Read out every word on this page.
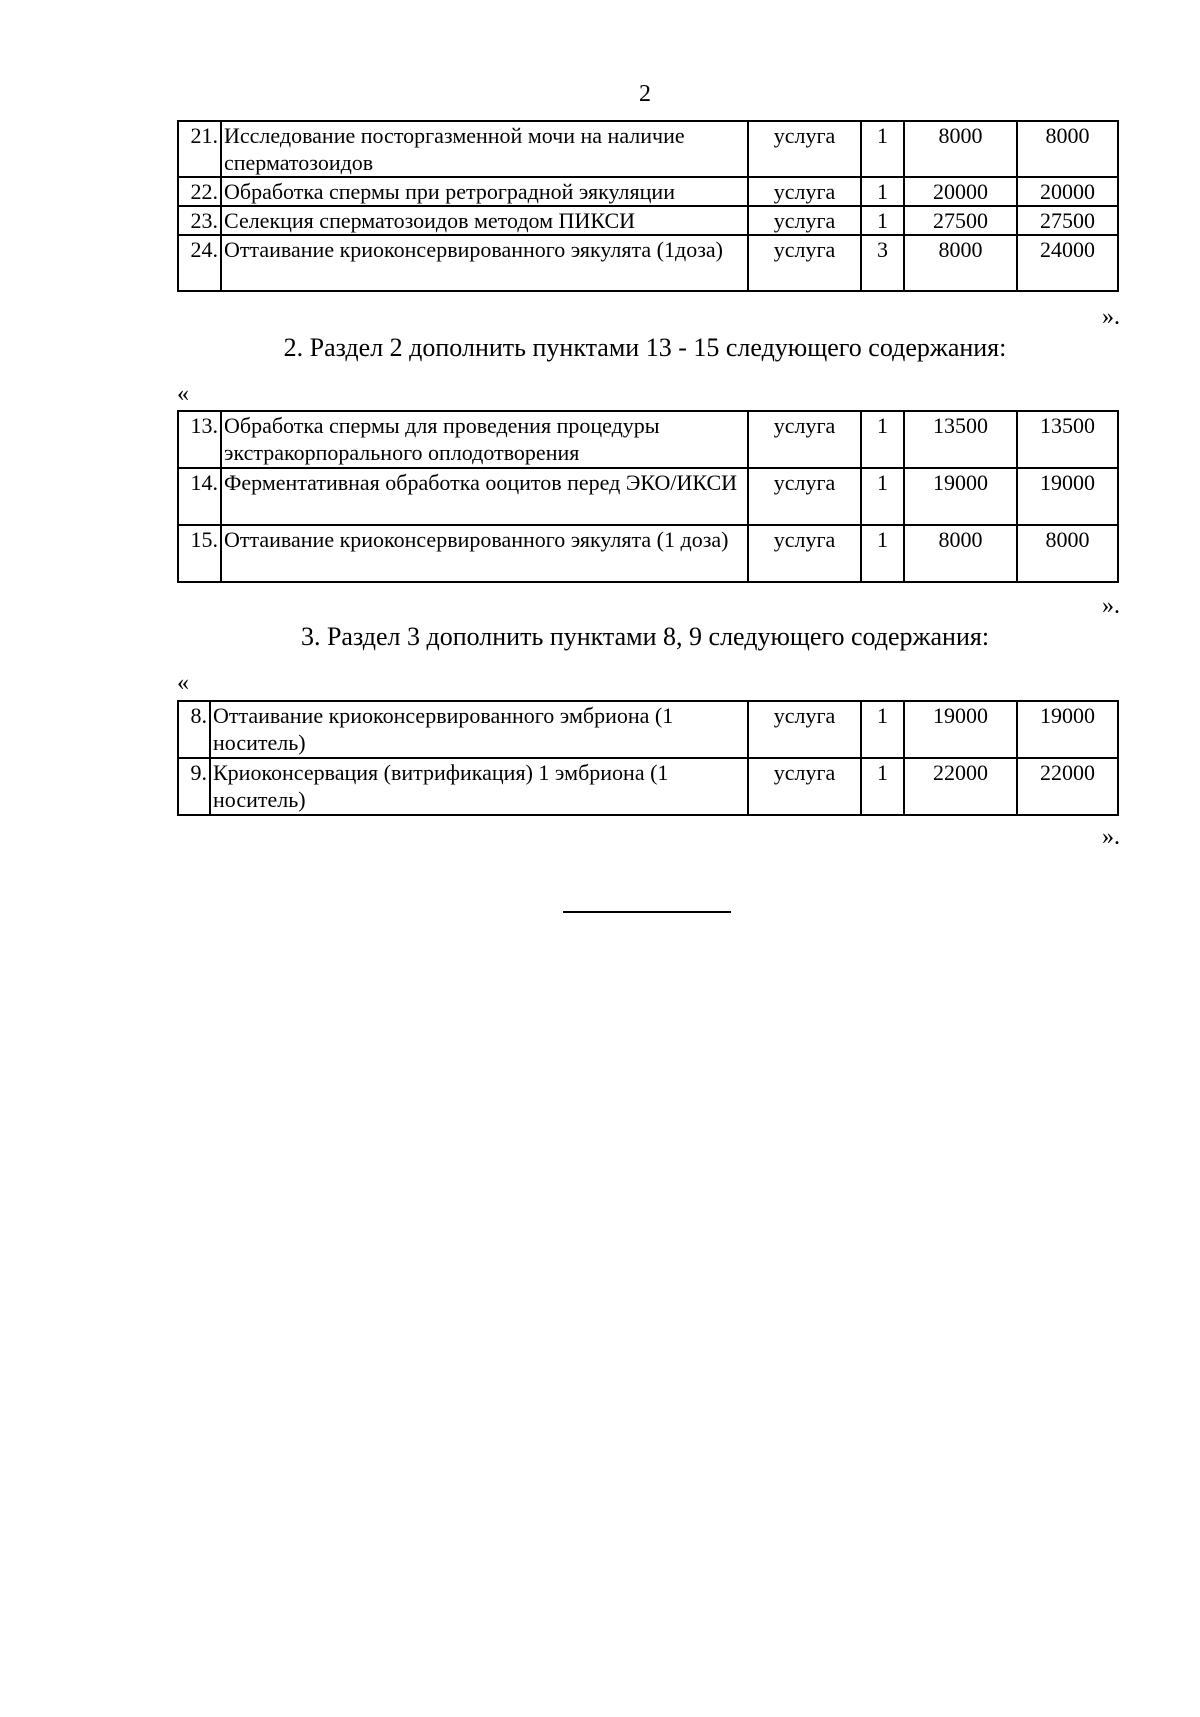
2
21.	Исследование посторгазменной мочи на наличие сперматозоидов	услуга	1	8000	8000
22.	Обработка спермы при ретроградной эякуляции	услуга	1	20000	20000
23.	Селекция сперматозоидов методом ПИКСИ	услуга	1	27500	27500
24.	Оттаивание криоконсервированного эякулята (1доза)	услуга	3	8000	24000
».
2. Раздел 2 дополнить пунктами 13 - 15 следующего содержания:
«
13.	Обработка спермы для проведения процедуры экстракорпорального оплодотворения	услуга	1	13500	13500
14.	Ферментативная обработка ооцитов перед ЭКО/ИКСИ	услуга	1	19000	19000
15.	Оттаивание криоконсервированного эякулята (1 доза)	услуга	1	8000	8000
».
3. Раздел 3 дополнить пунктами 8, 9 следующего содержания:
«
8.	Оттаивание криоконсервированного эмбриона (1 носитель)	услуга	1	19000	19000
9.	Криоконсервация (витрификация) 1 эмбриона (1 носитель)	услуга	1	22000	22000
».
